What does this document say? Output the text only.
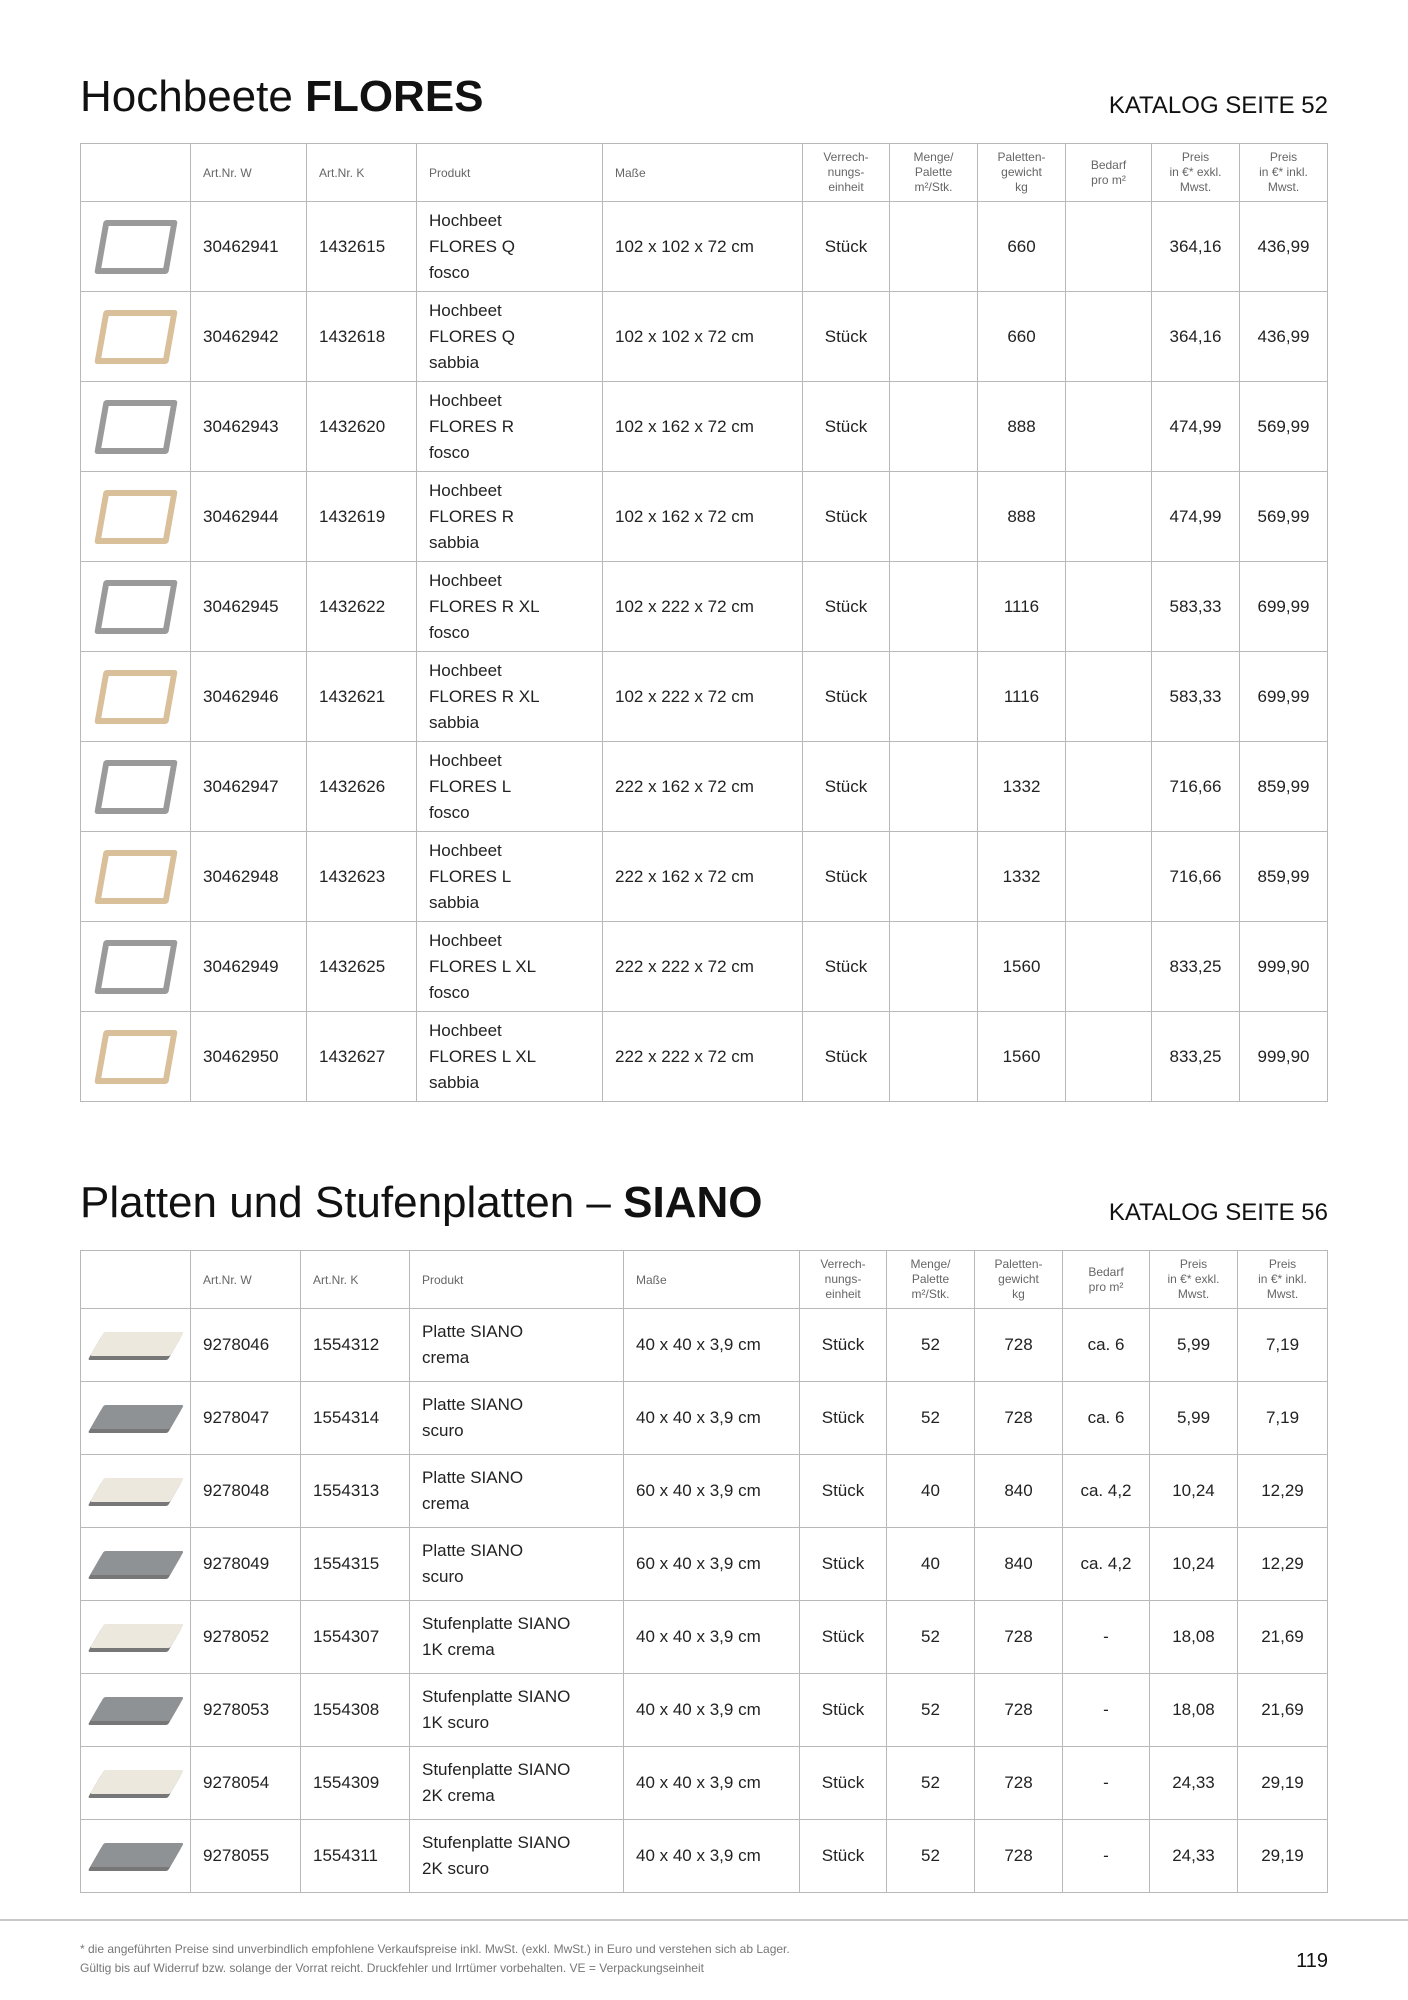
Hochbeete FLORES	KATALOG SEITE 52
	Art.Nr. W	Art.Nr. K	Produkt	Maße	Verrech-
nungs-
einheit	Menge/
Palette
m²/Stk.	Paletten-
gewicht
kg	Bedarf
pro m²	Preis
in €* exkl.
Mwst.	Preis
in €* inkl.
Mwst.

	30462941	1432615	Hochbeet
FLORES Q
fosco	102 x 102 x 72 cm	Stück		660		364,16	436,99

	30462942	1432618	Hochbeet
FLORES Q
sabbia	102 x 102 x 72 cm	Stück		660		364,16	436,99

	30462943	1432620	Hochbeet
FLORES R
fosco	102 x 162 x 72 cm	Stück		888		474,99	569,99

	30462944	1432619	Hochbeet
FLORES R
sabbia	102 x 162 x 72 cm	Stück		888		474,99	569,99

	30462945	1432622	Hochbeet
FLORES R XL
fosco	102 x 222 x 72 cm	Stück		1116		583,33	699,99

	30462946	1432621	Hochbeet
FLORES R XL
sabbia	102 x 222 x 72 cm	Stück		1116		583,33	699,99

	30462947	1432626	Hochbeet
FLORES L
fosco	222 x 162 x 72 cm	Stück		1332		716,66	859,99

	30462948	1432623	Hochbeet
FLORES L
sabbia	222 x 162 x 72 cm	Stück		1332		716,66	859,99

	30462949	1432625	Hochbeet
FLORES L XL
fosco	222 x 222 x 72 cm	Stück		1560		833,25	999,90

	30462950	1432627	Hochbeet
FLORES L XL
sabbia	222 x 222 x 72 cm	Stück		1560		833,25	999,90
Platten und Stufenplatten – SIANO	KATALOG SEITE 56
	Art.Nr. W	Art.Nr. K	Produkt	Maße	Verrech-
nungs-
einheit	Menge/
Palette
m²/Stk.	Paletten-
gewicht
kg	Bedarf
pro m²	Preis
in €* exkl.
Mwst.	Preis
in €* inkl.
Mwst.

	9278046	1554312	Platte SIANO
crema	40 x 40 x 3,9 cm	Stück	52	728	ca. 6	5,99	7,19

	9278047	1554314	Platte SIANO
scuro	40 x 40 x 3,9 cm	Stück	52	728	ca. 6	5,99	7,19

	9278048	1554313	Platte SIANO
crema	60 x 40 x 3,9 cm	Stück	40	840	ca. 4,2	10,24	12,29

	9278049	1554315	Platte SIANO
scuro	60 x 40 x 3,9 cm	Stück	40	840	ca. 4,2	10,24	12,29

	9278052	1554307	Stufenplatte SIANO
1K crema	40 x 40 x 3,9 cm	Stück	52	728	-	18,08	21,69

	9278053	1554308	Stufenplatte SIANO
1K scuro	40 x 40 x 3,9 cm	Stück	52	728	-	18,08	21,69

	9278054	1554309	Stufenplatte SIANO
2K crema	40 x 40 x 3,9 cm	Stück	52	728	-	24,33	29,19

	9278055	1554311	Stufenplatte SIANO
2K scuro	40 x 40 x 3,9 cm	Stück	52	728	-	24,33	29,19
* die angeführten Preise sind unverbindlich empfohlene Verkaufspreise inkl. MwSt. (exkl. MwSt.) in Euro und verstehen sich ab Lager.
Gültig bis auf Widerruf bzw. solange der Vorrat reicht. Druckfehler und Irrtümer vorbehalten. VE = Verpackungseinheit	119
